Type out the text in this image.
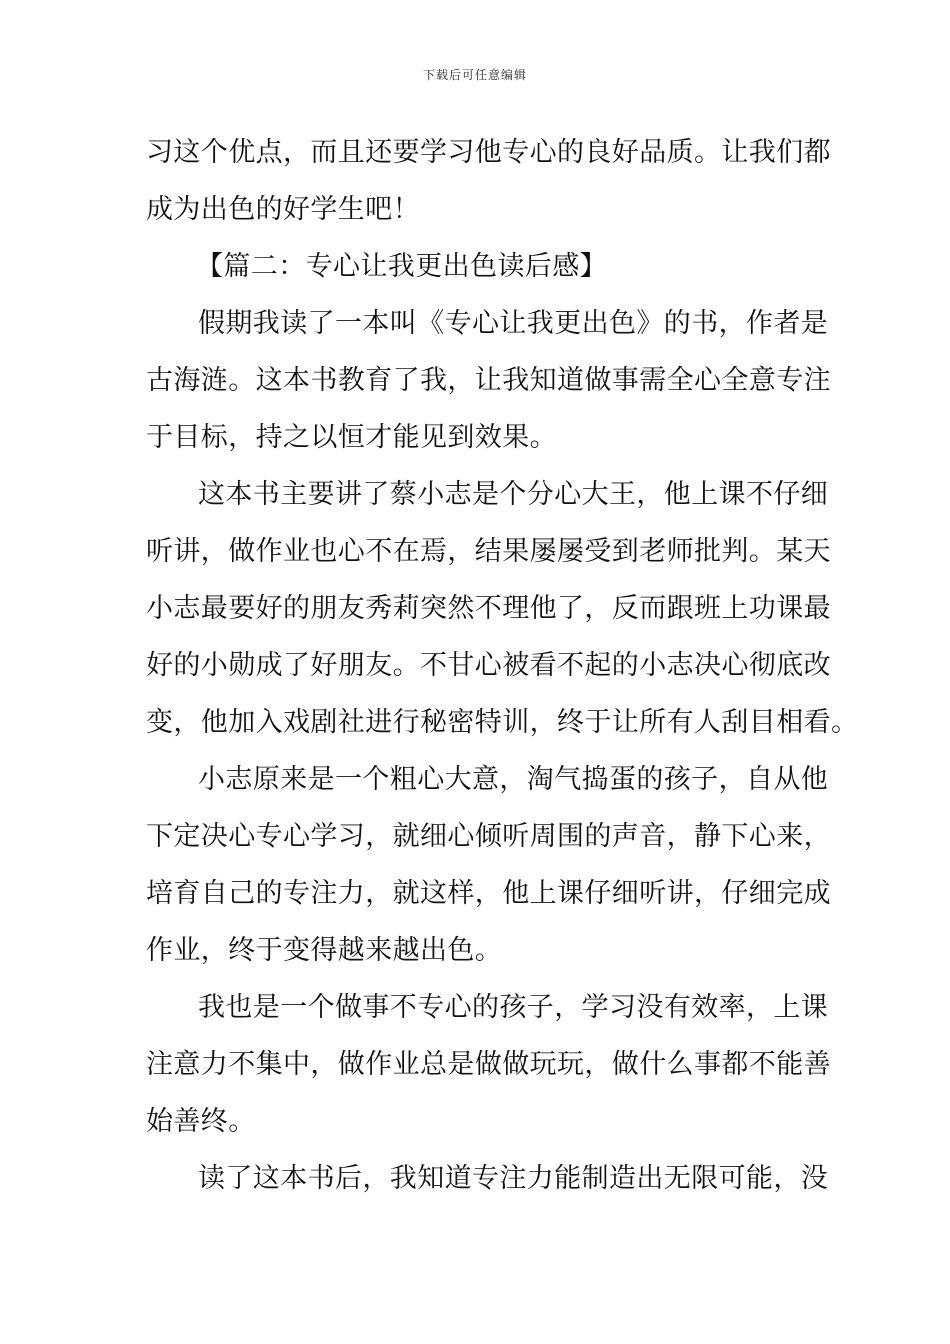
下载后可任意编辑
习这个优点，而且还要学习他专心的良好品质。让我们都
成为出色的好学生吧！
【篇二：专心让我更出色读后感】
假期我读了一本叫《专心让我更出色》的书，作者是
古海涟。这本书教育了我，让我知道做事需全心全意专注
于目标，持之以恒才能见到效果。
这本书主要讲了蔡小志是个分心大王，他上课不仔细
听讲，做作业也心不在焉，结果屡屡受到老师批判。某天
小志最要好的朋友秀莉突然不理他了，反而跟班上功课最
好的小勋成了好朋友。不甘心被看不起的小志决心彻底改
变，他加入戏剧社进行秘密特训，终于让所有人刮目相看。
小志原来是一个粗心大意，淘气捣蛋的孩子，自从他
下定决心专心学习，就细心倾听周围的声音，静下心来，
培育自己的专注力，就这样，他上课仔细听讲，仔细完成
作业，终于变得越来越出色。
我也是一个做事不专心的孩子，学习没有效率，上课
注意力不集中，做作业总是做做玩玩，做什么事都不能善
始善终。
读了这本书后，我知道专注力能制造出无限可能，没
